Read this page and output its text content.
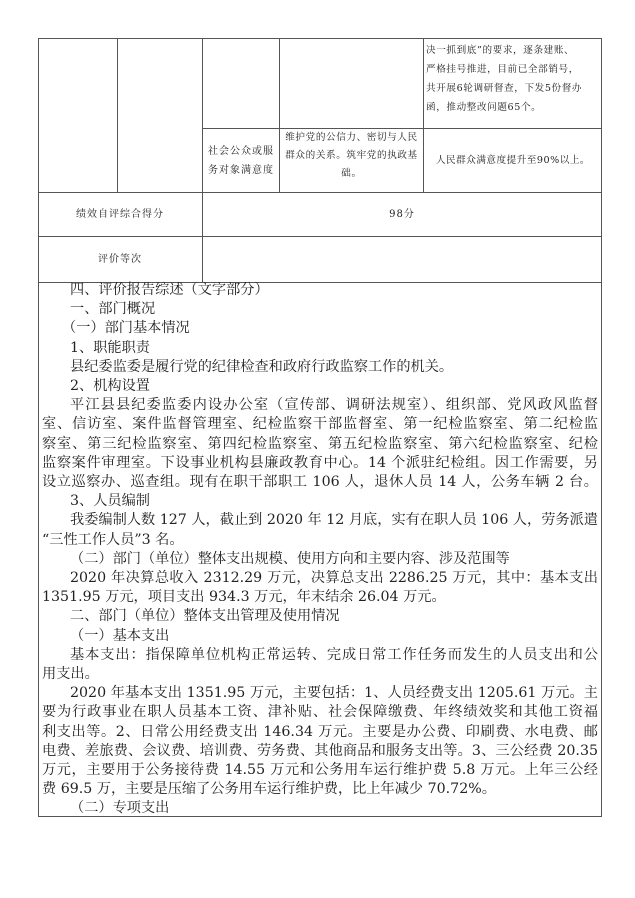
决一抓到底”的要求，逐条建账、
严格挂号推进，目前已全部销号，
共开展6轮调研督查，下发5份督办
函，推动整改问题65个。
社会公众或服务对象满意度
维护党的公信力、密切与人民群众的关系。筑牢党的执政基础。
人民群众满意度提升至90%以上。
绩效自评综合得分	98分
评价等次
四、评价报告综述（文字部分）
一、部门概况
（一）部门基本情况
1、职能职责
县纪委监委是履行党的纪律检查和政府行政监察工作的机关。
2、机构设置
平江县县纪委监委内设办公室（宣传部、调研法规室）、组织部、党风政风监督
室、信访室、案件监督管理室、纪检监察干部监督室、第一纪检监察室、第二纪检监
察室、第三纪检监察室、第四纪检监察室、第五纪检监察室、第六纪检监察室、纪检
监察案件审理室。下设事业机构县廉政教育中心。14 个派驻纪检组。因工作需要，另
设立巡察办、巡查组。现有在职干部职工 106 人，退休人员 14 人，公务车辆 2 台。
3、人员编制
我委编制人数 127 人，截止到 2020 年 12 月底，实有在职人员 106 人，劳务派遣
“三性工作人员”3 名。
（二）部门（单位）整体支出规模、使用方向和主要内容、涉及范围等
2020 年决算总收入 2312.29 万元，决算总支出 2286.25 万元，其中：基本支出
1351.95 万元，项目支出 934.3 万元，年末结余 26.04 万元。
二、部门（单位）整体支出管理及使用情况
（一）基本支出
基本支出：指保障单位机构正常运转、完成日常工作任务而发生的人员支出和公
用支出。
2020 年基本支出 1351.95 万元，主要包括：1、人员经费支出 1205.61 万元。主
要为行政事业在职人员基本工资、津补贴、社会保障缴费、年终绩效奖和其他工资福
利支出等。2、日常公用经费支出 146.34 万元。主要是办公费、印刷费、水电费、邮
电费、差旅费、会议费、培训费、劳务费、其他商品和服务支出等。3、三公经费 20.35
万元，主要用于公务接待费 14.55 万元和公务用车运行维护费 5.8 万元。上年三公经
费 69.5 万，主要是压缩了公务用车运行维护费，比上年减少 70.72%。
（二）专项支出
